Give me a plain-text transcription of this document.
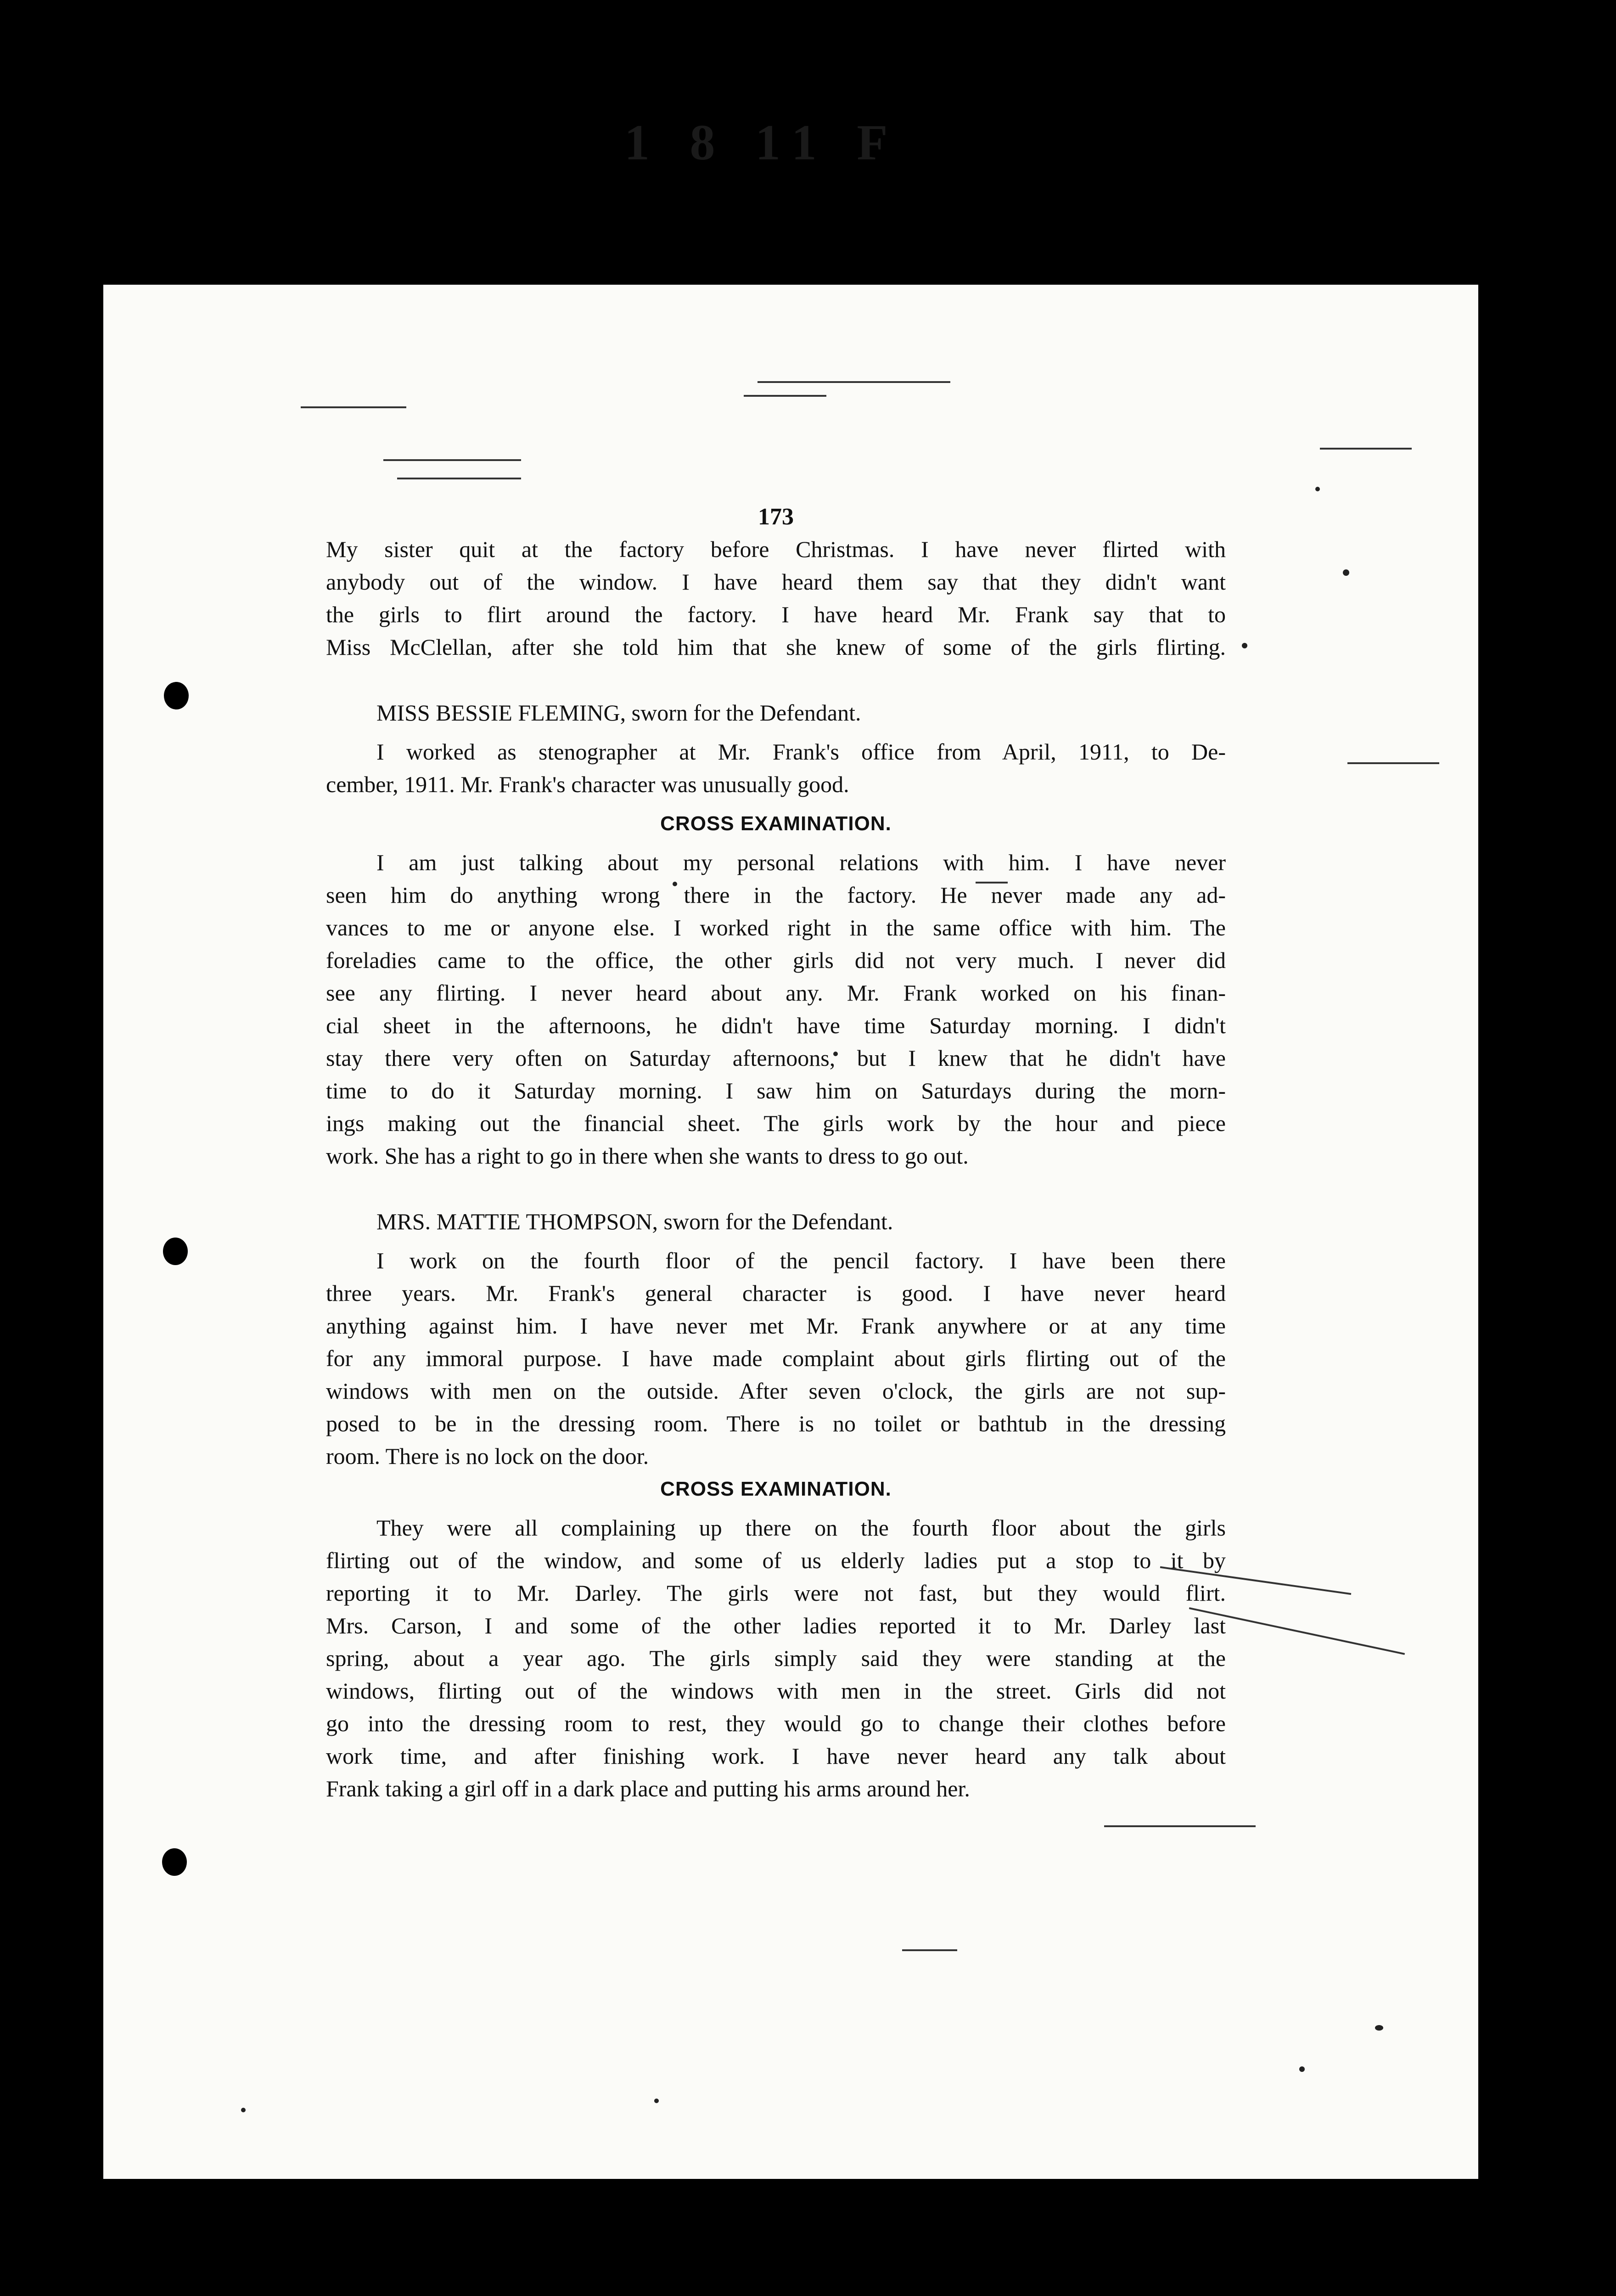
1 8 11 F
173
My sister quit at the factory before Christmas. I have never flirted with
anybody out of the window. I have heard them say that they didn't want
the girls to flirt around the factory. I have heard Mr. Frank say that to
Miss McClellan, after she told him that she knew of some of the girls flirting.
MISS BESSIE FLEMING, sworn for the Defendant.
I worked as stenographer at Mr. Frank's office from April, 1911, to De-
cember, 1911. Mr. Frank's character was unusually good.
CROSS EXAMINATION.
I am just talking about my personal relations with him. I have never
seen him do anything wrong there in the factory. He never made any ad-
vances to me or anyone else. I worked right in the same office with him. The
foreladies came to the office, the other girls did not very much. I never did
see any flirting. I never heard about any. Mr. Frank worked on his finan-
cial sheet in the afternoons, he didn't have time Saturday morning. I didn't
stay there very often on Saturday afternoons, but I knew that he didn't have
time to do it Saturday morning. I saw him on Saturdays during the morn-
ings making out the financial sheet. The girls work by the hour and piece
work. She has a right to go in there when she wants to dress to go out.
MRS. MATTIE THOMPSON, sworn for the Defendant.
I work on the fourth floor of the pencil factory. I have been there
three years. Mr. Frank's general character is good. I have never heard
anything against him. I have never met Mr. Frank anywhere or at any time
for any immoral purpose. I have made complaint about girls flirting out of the
windows with men on the outside. After seven o'clock, the girls are not sup-
posed to be in the dressing room. There is no toilet or bathtub in the dressing
room. There is no lock on the door.
CROSS EXAMINATION.
They were all complaining up there on the fourth floor about the girls
flirting out of the window, and some of us elderly ladies put a stop to it by
reporting it to Mr. Darley. The girls were not fast, but they would flirt.
Mrs. Carson, I and some of the other ladies reported it to Mr. Darley last
spring, about a year ago. The girls simply said they were standing at the
windows, flirting out of the windows with men in the street. Girls did not
go into the dressing room to rest, they would go to change their clothes before
work time, and after finishing work. I have never heard any talk about
Frank taking a girl off in a dark place and putting his arms around her.
